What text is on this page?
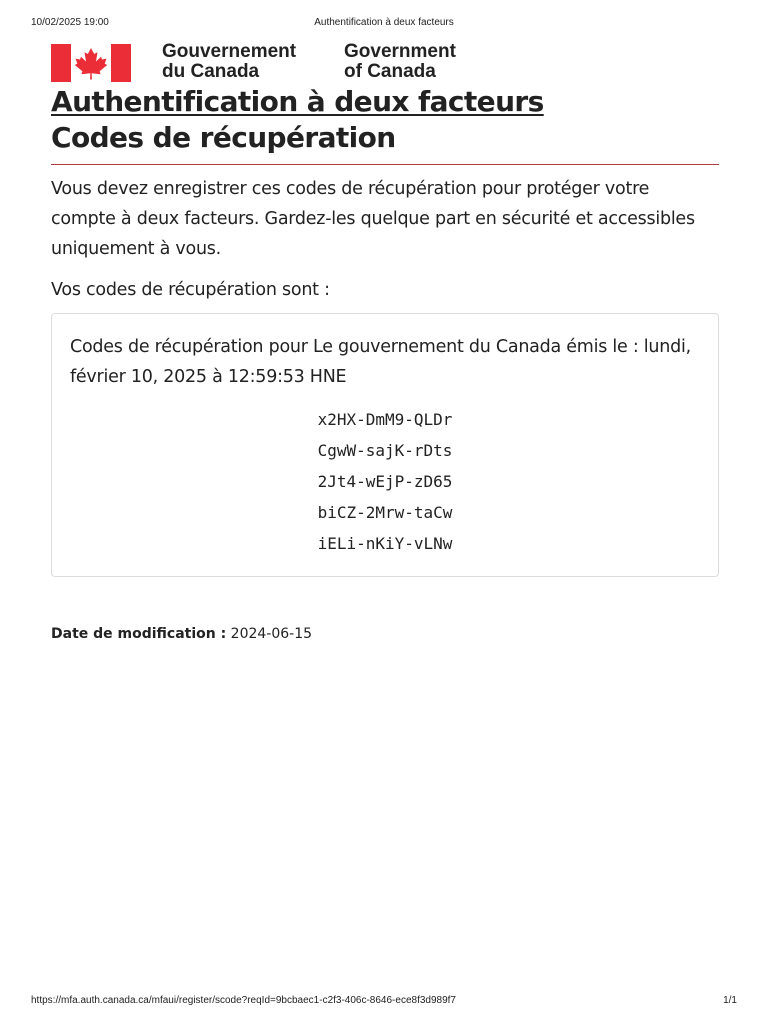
10/02/2025 19:00	Authentification à deux facteurs
Gouvernement
du Canada
Government
of Canada
Authentification à deux facteurs
Codes de récupération

Vous devez enregistrer ces codes de récupération pour protéger votre compte à deux facteurs. Gardez-les quelque part en sécurité et accessibles uniquement à vous.

Vos codes de récupération sont :

Codes de récupération pour Le gouvernement du Canada émis le : lundi, février 10, 2025 à 12:59:53 HNE

x2HX-DmM9-QLDr
CgwW-sajK-rDts
2Jt4-wEjP-zD65
biCZ-2Mrw-taCw
iELi-nKiY-vLNw
Date de modification : 2024-06-15
https://mfa.auth.canada.ca/mfaui/register/scode?reqId=9bcbaec1-c2f3-406c-8646-ece8f3d989f7	1/1
